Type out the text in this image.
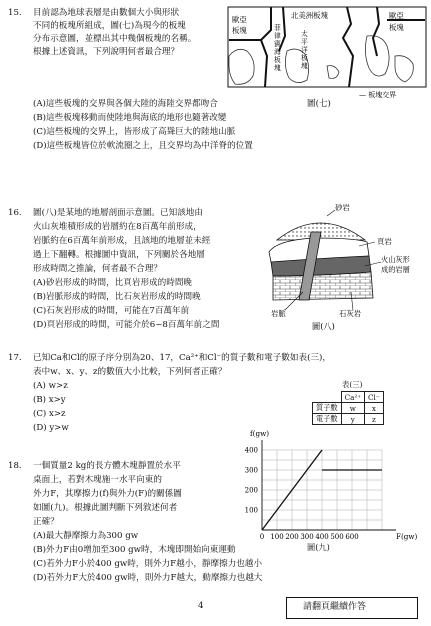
15. 目前認為地球表層是由數個大小與形狀
不同的板塊所組成，圖(七)為現今的板塊
分布示意圖，並標出其中幾個板塊的名稱。
根據上述資訊，下列說明何者最合理？
歐亞
板塊
北美洲板塊	歐亞
板塊
菲
律
賓
海
板
塊
太
平
洋
板
塊
— 板塊交界
圖(七)
(A)這些板塊的交界與各個大陸的海陸交界都吻合
(B)這些板塊移動而使陸地與海底的地形也隨著改變
(C)這些板塊的交界上，皆形成了高聳巨大的陸地山脈
(D)這些板塊皆位於軟流圈之上，且交界均為中洋脊的位置
16. 圖(八)是某地的地層剖面示意圖。已知該地由
火山灰堆積形成的岩層約在8百萬年前形成，
岩脈約在6百萬年前形成，且該地的地層並未經
過上下翻轉。根據圖中資訊，下列關於各地層
形成時間之推論，何者最不合理？
(A)砂岩形成的時間，比頁岩形成的時間晚
(B)岩脈形成的時間，比石灰岩形成的時間晚
(C)石灰岩形成的時間，可能在7百萬年前
(D)頁岩形成的時間，可能介於6~8百萬年前之間
砂岩
頁岩
火山灰形
成的岩層
岩脈	石灰岩
圖(八)
17. 已知Ca和Cl的原子序分別為20、17，Ca²⁺和Cl⁻的質子數和電子數如表(三)，
表中w、x、y、z的數值大小比較，下列何者正確？
(A) w>z
(B) x>y
(C) x>z
(D) y>w
表(三)
	Ca²⁺	Cl⁻
質子數	w	x
電子數	y	z
18. 一個質量2 kg的長方體木塊靜置於水平
桌面上，若對木塊施一水平向東的
外力F，其摩擦力(f)與外力(F)的關係圖
如圖(九)。根據此圖判斷下列敘述何者
正確？
(A)最大靜摩擦力為300 gw
(B)外力F由0增加至300 gw時，木塊即開始向東運動
(C)若外力F小於400 gw時，則外力F越小，靜摩擦力也越小
(D)若外力F大於400 gw時，則外力F越大，動摩擦力也越大
100
200
300
400
0 100 200 300 400 500 600
f(gw)
F(gw)
圖(九)
4	請翻頁繼續作答
